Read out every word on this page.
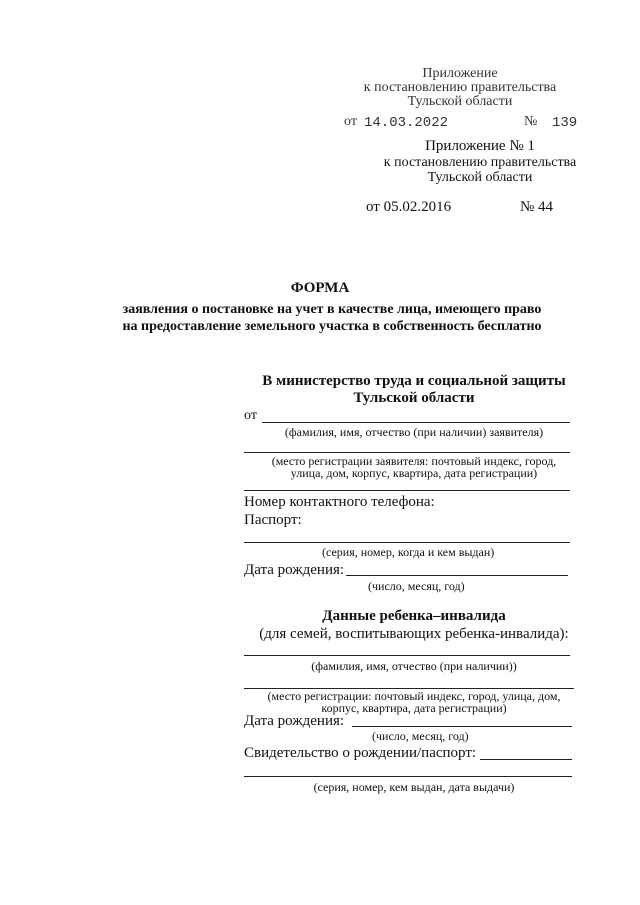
Приложение
к постановлению правительства
Тульской области
от 14.03.2022	№ 139
Приложение № 1
к постановлению правительства
Тульской области
от 05.02.2016	№ 44
ФОРМА
заявления о постановке на учет в качестве лица, имеющего право
на предоставление земельного участка в собственность бесплатно
В министерство труда и социальной защиты
Тульской области
от
(фамилия, имя, отчество (при наличии) заявителя)
(место регистрации заявителя: почтовый индекс, город,
улица, дом, корпус, квартира, дата регистрации)
Номер контактного телефона:
Паспорт:
(серия, номер, когда и кем выдан)
Дата рождения:
(число, месяц, год)
Данные ребенка–инвалида
(для семей, воспитывающих ребенка-инвалида):
(фамилия, имя, отчество (при наличии))
(место регистрации: почтовый индекс, город, улица, дом,
корпус, квартира, дата регистрации)
Дата рождения:
(число, месяц, год)
Свидетельство о рождении/паспорт:
(серия, номер, кем выдан, дата выдачи)
